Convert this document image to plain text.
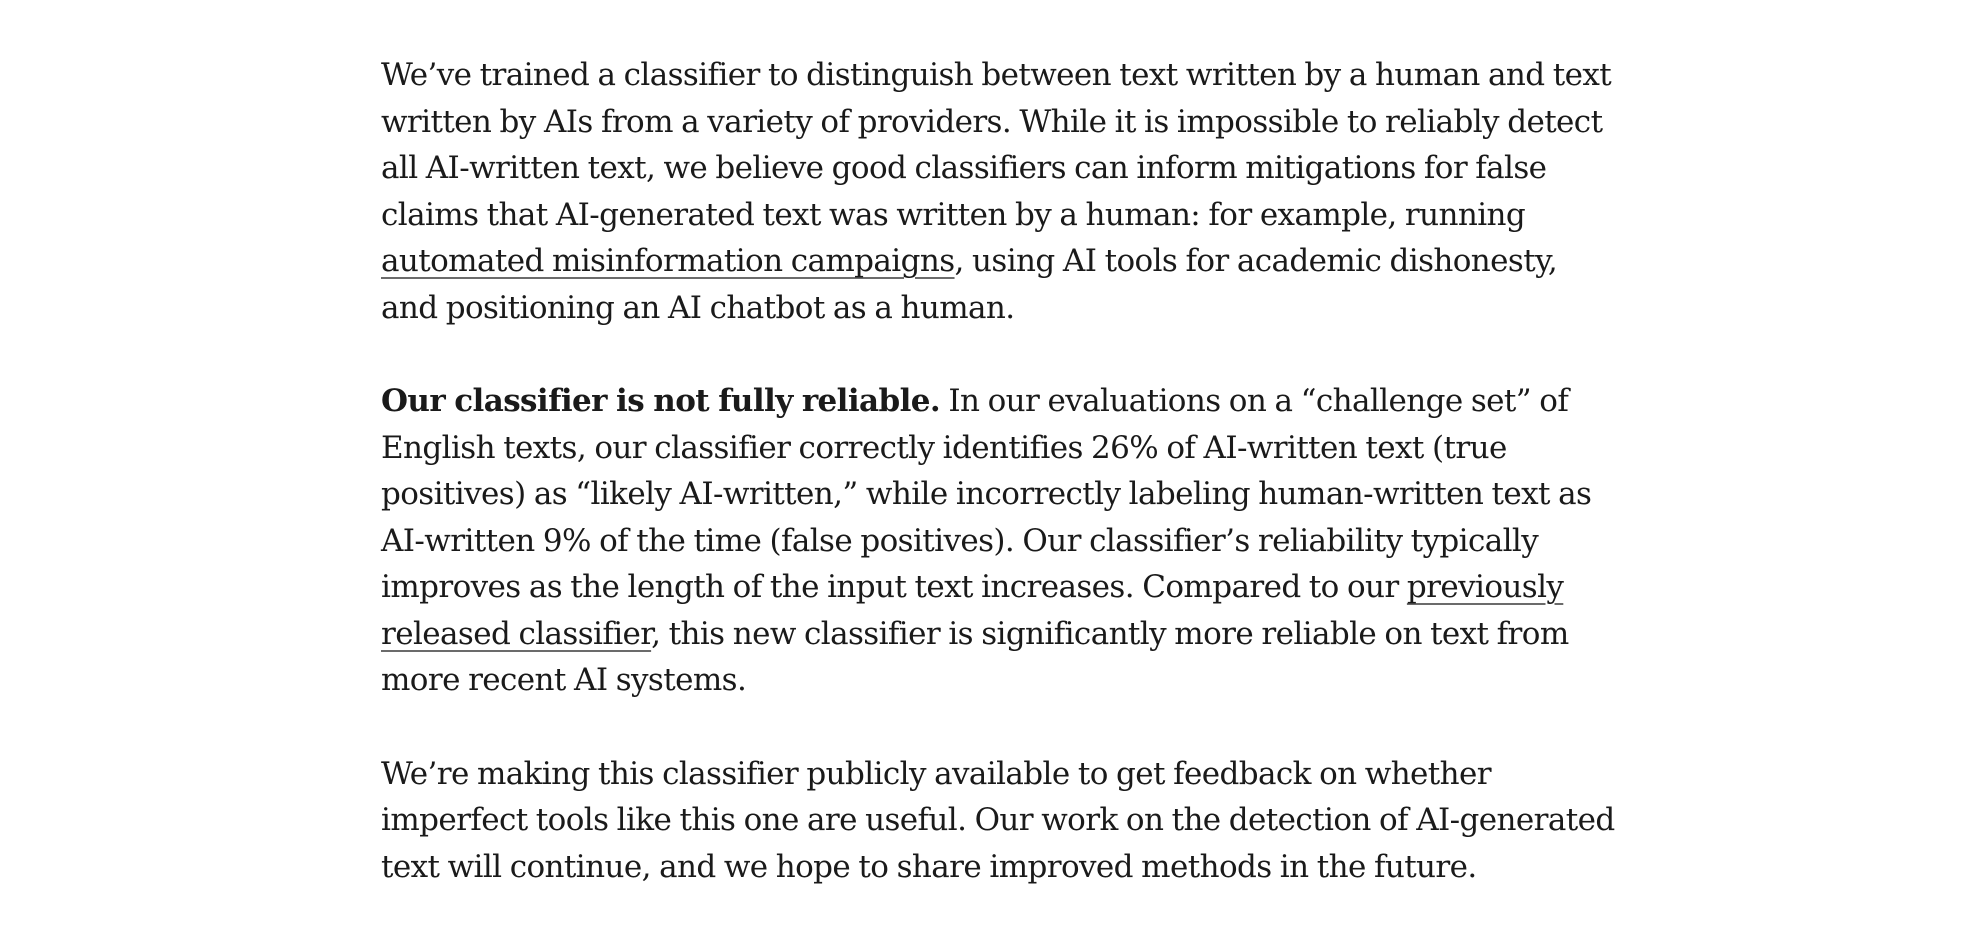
We’ve trained a classifier to distinguish between text written by a human and text written by AIs from a variety of providers. While it is impossible to reliably detect all AI-written text, we believe good classifiers can inform mitigations for false claims that AI-generated text was written by a human: for example, running automated misinformation campaigns, using AI tools for academic dishonesty, and positioning an AI chatbot as a human.

Our classifier is not fully reliable. In our evaluations on a “challenge set” of English texts, our classifier correctly identifies 26% of AI-written text (true positives) as “likely AI-written,” while incorrectly labeling human-written text as AI-written 9% of the time (false positives). Our classifier’s reliability typically improves as the length of the input text increases. Compared to our previously released classifier, this new classifier is significantly more reliable on text from more recent AI systems.

We’re making this classifier publicly available to get feedback on whether imperfect tools like this one are useful. Our work on the detection of AI-generated text will continue, and we hope to share improved methods in the future.
